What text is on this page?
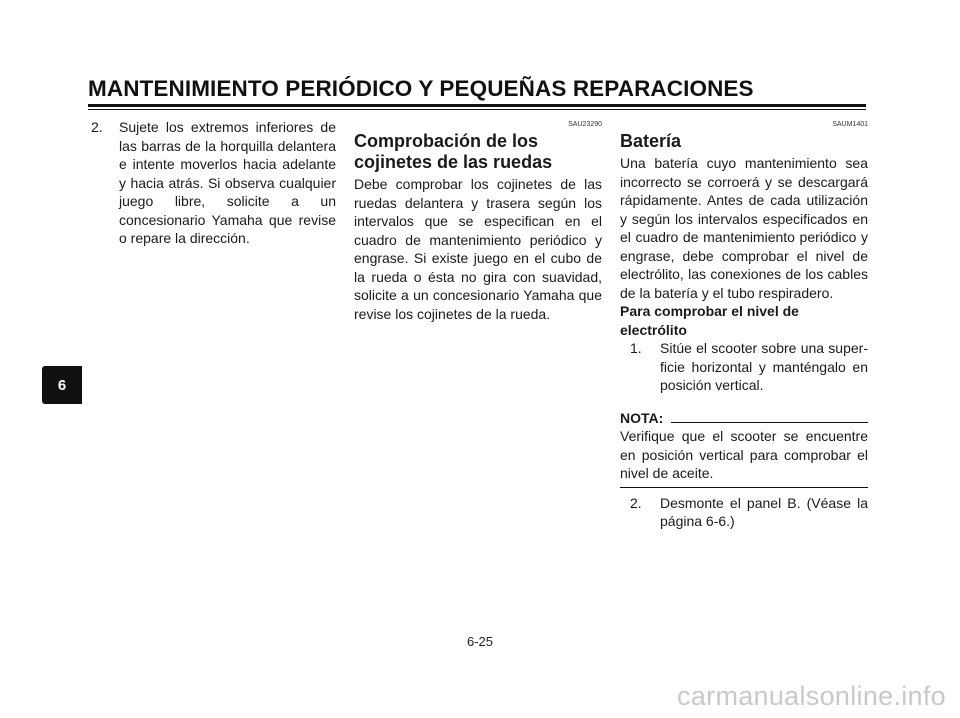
MANTENIMIENTO PERIÓDICO Y PEQUEÑAS REPARACIONES
6
2.	Sujete los extremos inferiores de las barras de la horquilla delantera e intente moverlos hacia adelante y hacia atrás. Si observa cualquier juego libre, solicite a un concesionario Yamaha que revise o repare la dirección.
SAU23290
Comprobación de los cojinetes de las ruedas
Debe comprobar los cojinetes de las ruedas delantera y trasera según los intervalos que se especifican en el cuadro de mantenimiento periódico y engrase. Si existe juego en el cubo de la rueda o ésta no gira con suavidad, solicite a un concesionario Yamaha que revise los cojinetes de la rueda.
SAUM1401
Batería
Una batería cuyo mantenimiento sea incorrecto se corroerá y se descargará rápidamente. Antes de cada utilización y según los intervalos especificados en el cuadro de mantenimiento periódico y engrase, debe comprobar el nivel de electrólito, las conexiones de los cables de la batería y el tubo respiradero.
Para comprobar el nivel de electrólito
1.	Sitúe el scooter sobre una superficie horizontal y manténgalo en posición vertical.
NOTA:
Verifique que el scooter se encuentre en posición vertical para comprobar el nivel de aceite.
2.	Desmonte el panel B. (Véase la página 6-6.)
6-25
carmanualsonline.info
